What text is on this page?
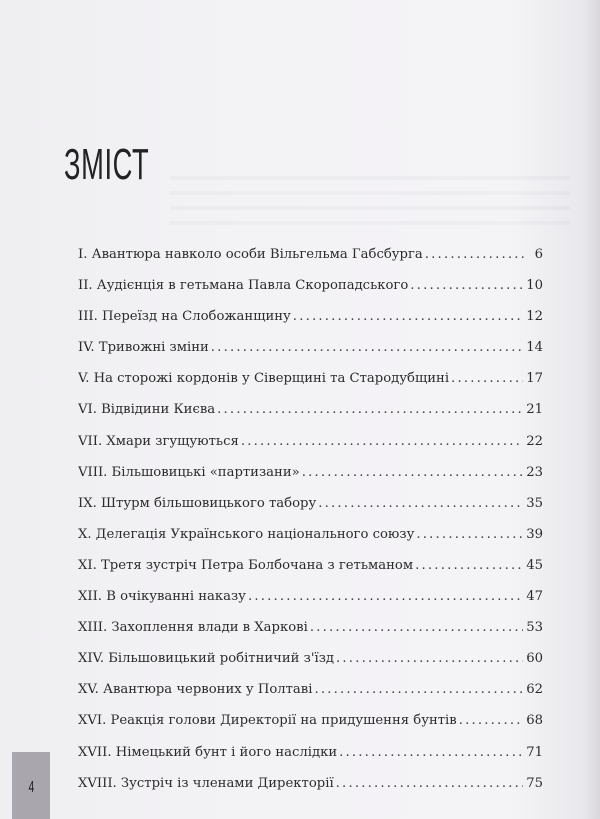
ЗМІСТ
I. Авантюра навколо особи Вільгельма Габсбурга .....	6
II. Аудієнція в гетьмана Павла Скоропадського .....	10
III. Переїзд на Слобожанщину .....	12
IV. Тривожні зміни .....	14
V. На сторожі кордонів у Сіверщині та Стародубщині .....	17
VI. Відвідини Києва .....	21
VII. Хмари згущуються .....	22
VIII. Більшовицькі «партизани» .....	23
IX. Штурм більшовицького табору .....	35
X. Делегація Українського національного союзу .....	39
XI. Третя зустріч Петра Болбочана з гетьманом .....	45
XII. В очікуванні наказу .....	47
XIII. Захоплення влади в Харкові .....	53
XIV. Більшовицький робітничий з'їзд .....	60
XV. Авантюра червоних у Полтаві .....	62
XVI. Реакція голови Директорії на придушення бунтів .....	68
XVII. Німецький бунт і його наслідки .....	71
XVIII. Зустріч із членами Директорії .....	75
4
